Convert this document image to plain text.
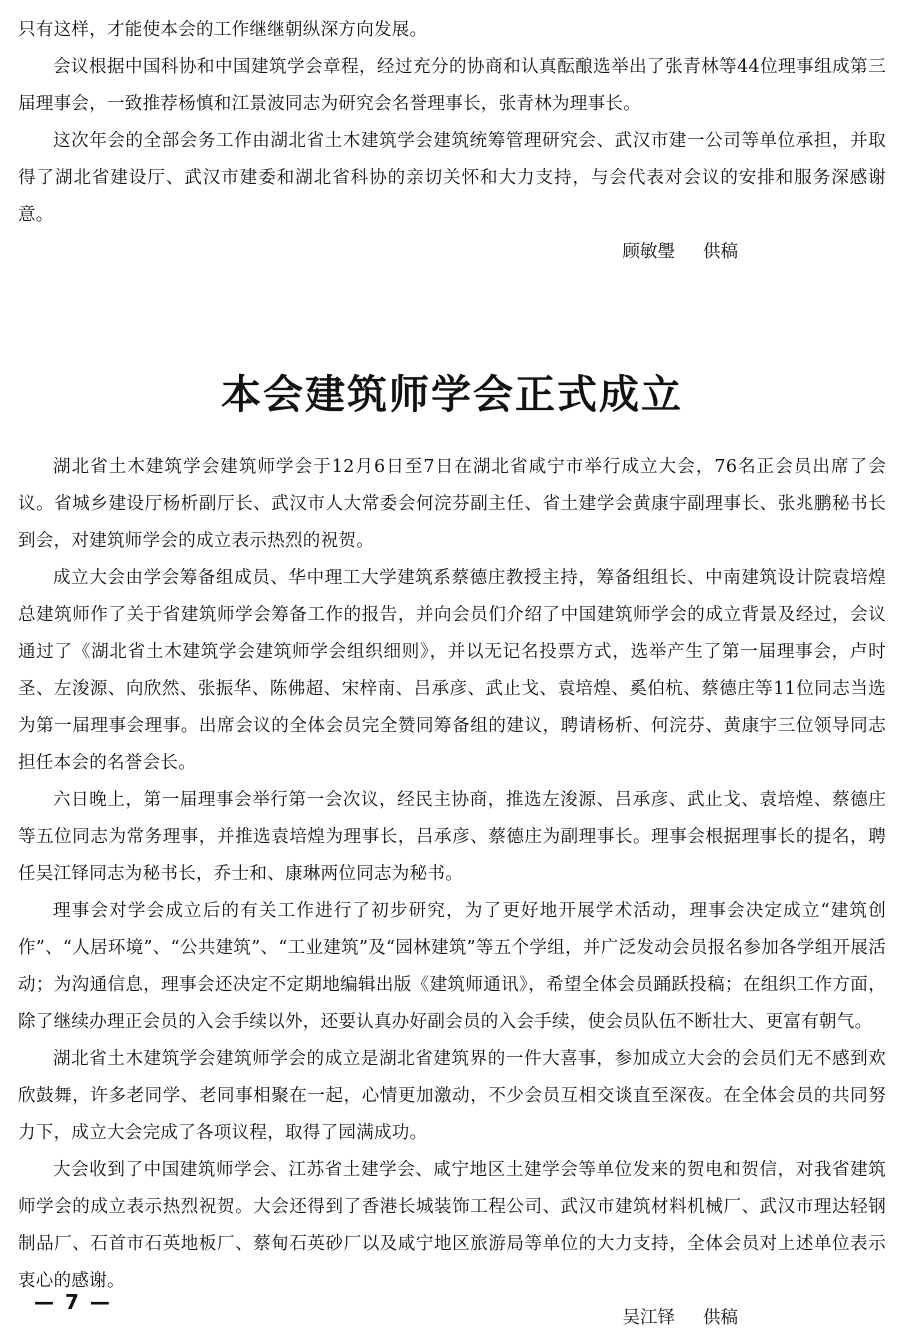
只有这样，才能使本会的工作继继朝纵深方向发展。

会议根据中国科协和中国建筑学会章程，经过充分的协商和认真酝酿选举出了张青林等44位理事组成第三届理事会，一致推荐杨慎和江景波同志为研究会名誉理事长，张青林为理事长。

这次年会的全部会务工作由湖北省土木建筑学会建筑统筹管理研究会、武汉市建一公司等单位承担，并取得了湖北省建设厅、武汉市建委和湖北省科协的亲切关怀和大力支持，与会代表对会议的安排和服务深感谢意。

顾敏璺 供稿

本会建筑师学会正式成立

湖北省土木建筑学会建筑师学会于12月6日至7日在湖北省咸宁市举行成立大会，76名正会员出席了会议。省城乡建设厅杨析副厅长、武汉市人大常委会何浣芬副主任、省土建学会黄康宇副理事长、张兆鹏秘书长到会，对建筑师学会的成立表示热烈的祝贺。

成立大会由学会筹备组成员、华中理工大学建筑系蔡德庄教授主持，筹备组组长、中南建筑设计院袁培煌总建筑师作了关于省建筑师学会筹备工作的报告，并向会员们介绍了中国建筑师学会的成立背景及经过，会议通过了《湖北省土木建筑学会建筑师学会组织细则》，并以无记名投票方式，选举产生了第一届理事会，卢时圣、左浚源、向欣然、张振华、陈佛超、宋梓南、吕承彦、武止戈、袁培煌、奚伯杭、蔡德庄等11位同志当选为第一届理事会理事。出席会议的全体会员完全赞同筹备组的建议，聘请杨析、何浣芬、黄康宇三位领导同志担任本会的名誉会长。

六日晚上，第一届理事会举行第一会次议，经民主协商，推选左浚源、吕承彦、武止戈、袁培煌、蔡德庄等五位同志为常务理事，并推选袁培煌为理事长，吕承彦、蔡德庄为副理事长。理事会根据理事长的提名，聘任吴江铎同志为秘书长，乔士和、康琳两位同志为秘书。

理事会对学会成立后的有关工作进行了初步研究，为了更好地开展学术活动，理事会决定成立“建筑创作”、“人居环境”、“公共建筑”、“工业建筑”及“园林建筑”等五个学组，并广泛发动会员报名参加各学组开展活动；为沟通信息，理事会还决定不定期地编辑出版《建筑师通讯》，希望全体会员踊跃投稿；在组织工作方面，除了继续办理正会员的入会手续以外，还要认真办好副会员的入会手续，使会员队伍不断壮大、更富有朝气。

湖北省土木建筑学会建筑师学会的成立是湖北省建筑界的一件大喜事，参加成立大会的会员们无不感到欢欣鼓舞，许多老同学、老同事相聚在一起，心情更加激动，不少会员互相交谈直至深夜。在全体会员的共同努力下，成立大会完成了各项议程，取得了园满成功。

大会收到了中国建筑师学会、江苏省土建学会、咸宁地区土建学会等单位发来的贺电和贺信，对我省建筑师学会的成立表示热烈祝贺。大会还得到了香港长城装饰工程公司、武汉市建筑材料机械厂、武汉市理达轻钢制品厂、石首市石英地板厂、蔡甸石英砂厂以及咸宁地区旅游局等单位的大力支持，全体会员对上述单位表示衷心的感谢。

吴江铎 供稿

— 7 —
